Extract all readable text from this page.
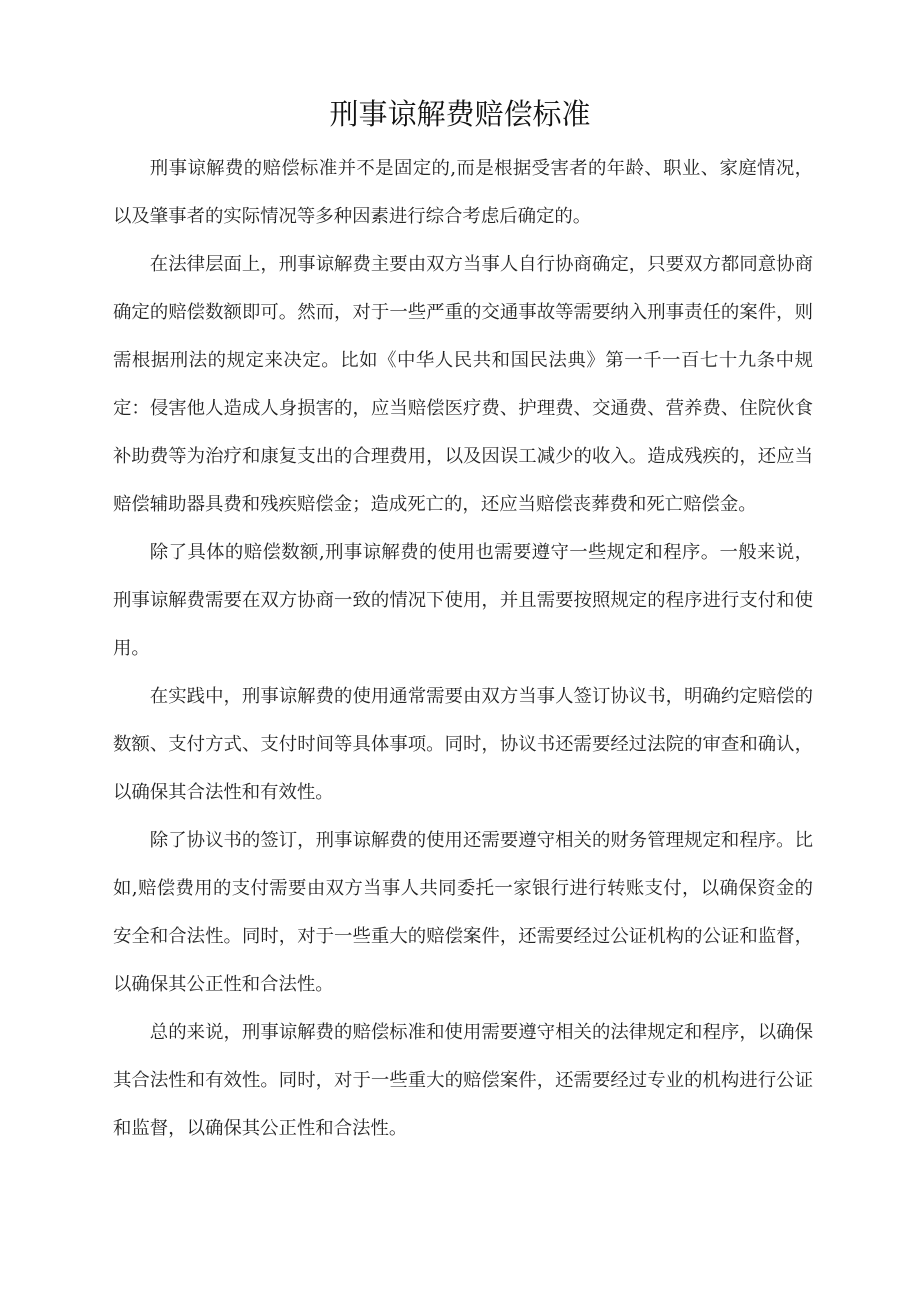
刑事谅解费赔偿标准

刑事谅解费的赔偿标准并不是固定的,而是根据受害者的年龄、职业、家庭情况，以及肇事者的实际情况等多种因素进行综合考虑后确定的。

在法律层面上，刑事谅解费主要由双方当事人自行协商确定，只要双方都同意协商确定的赔偿数额即可。然而，对于一些严重的交通事故等需要纳入刑事责任的案件，则需根据刑法的规定来决定。比如《中华人民共和国民法典》第一千一百七十九条中规定：侵害他人造成人身损害的，应当赔偿医疗费、护理费、交通费、营养费、住院伙食补助费等为治疗和康复支出的合理费用，以及因误工减少的收入。造成残疾的，还应当赔偿辅助器具费和残疾赔偿金；造成死亡的，还应当赔偿丧葬费和死亡赔偿金。

除了具体的赔偿数额,刑事谅解费的使用也需要遵守一些规定和程序。一般来说，刑事谅解费需要在双方协商一致的情况下使用，并且需要按照规定的程序进行支付和使用。

在实践中，刑事谅解费的使用通常需要由双方当事人签订协议书，明确约定赔偿的数额、支付方式、支付时间等具体事项。同时，协议书还需要经过法院的审查和确认，以确保其合法性和有效性。

除了协议书的签订，刑事谅解费的使用还需要遵守相关的财务管理规定和程序。比如,赔偿费用的支付需要由双方当事人共同委托一家银行进行转账支付，以确保资金的安全和合法性。同时，对于一些重大的赔偿案件，还需要经过公证机构的公证和监督，以确保其公正性和合法性。

总的来说，刑事谅解费的赔偿标准和使用需要遵守相关的法律规定和程序，以确保其合法性和有效性。同时，对于一些重大的赔偿案件，还需要经过专业的机构进行公证和监督，以确保其公正性和合法性。
